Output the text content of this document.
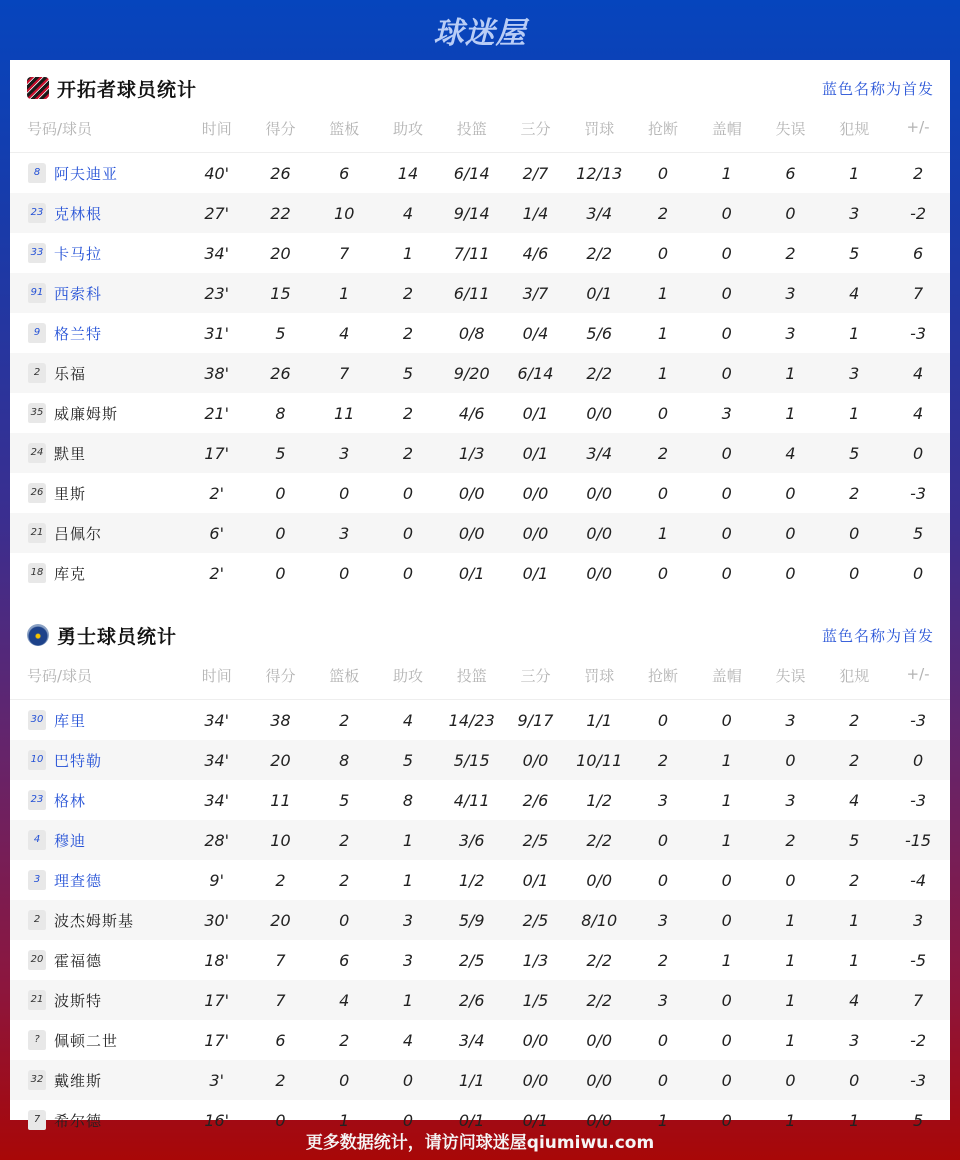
球迷屋
开拓者球员统计	蓝色名称为首发
号码/球员	时间	得分	篮板	助攻	投篮	三分	罚球	抢断	盖帽	失误	犯规	+/-
8 阿夫迪亚	40'	26	6	14	6/14	2/7	12/13	0	1	6	1	2
23 克林根	27'	22	10	4	9/14	1/4	3/4	2	0	0	3	-2
33 卡马拉	34'	20	7	1	7/11	4/6	2/2	0	0	2	5	6
91 西索科	23'	15	1	2	6/11	3/7	0/1	1	0	3	4	7
9 格兰特	31'	5	4	2	0/8	0/4	5/6	1	0	3	1	-3
2 乐福	38'	26	7	5	9/20	6/14	2/2	1	0	1	3	4
35 威廉姆斯	21'	8	11	2	4/6	0/1	0/0	0	3	1	1	4
24 默里	17'	5	3	2	1/3	0/1	3/4	2	0	4	5	0
26 里斯	2'	0	0	0	0/0	0/0	0/0	0	0	0	2	-3
21 吕佩尔	6'	0	3	0	0/0	0/0	0/0	1	0	0	0	5
18 库克	2'	0	0	0	0/1	0/1	0/0	0	0	0	0	0
勇士球员统计	蓝色名称为首发
号码/球员	时间	得分	篮板	助攻	投篮	三分	罚球	抢断	盖帽	失误	犯规	+/-
30 库里	34'	38	2	4	14/23	9/17	1/1	0	0	3	2	-3
10 巴特勒	34'	20	8	5	5/15	0/0	10/11	2	1	0	2	0
23 格林	34'	11	5	8	4/11	2/6	1/2	3	1	3	4	-3
4 穆迪	28'	10	2	1	3/6	2/5	2/2	0	1	2	5	-15
3 理查德	9'	2	2	1	1/2	0/1	0/0	0	0	0	2	-4
2 波杰姆斯基	30'	20	0	3	5/9	2/5	8/10	3	0	1	1	3
20 霍福德	18'	7	6	3	2/5	1/3	2/2	2	1	1	1	-5
21 波斯特	17'	7	4	1	2/6	1/5	2/2	3	0	1	4	7
? 佩顿二世	17'	6	2	4	3/4	0/0	0/0	0	0	1	3	-2
32 戴维斯	3'	2	0	0	1/1	0/0	0/0	0	0	0	0	-3
7 希尔德	16'	0	1	0	0/1	0/1	0/0	1	0	1	1	5
更多数据统计，请访问球迷屋qiumiwu.com
